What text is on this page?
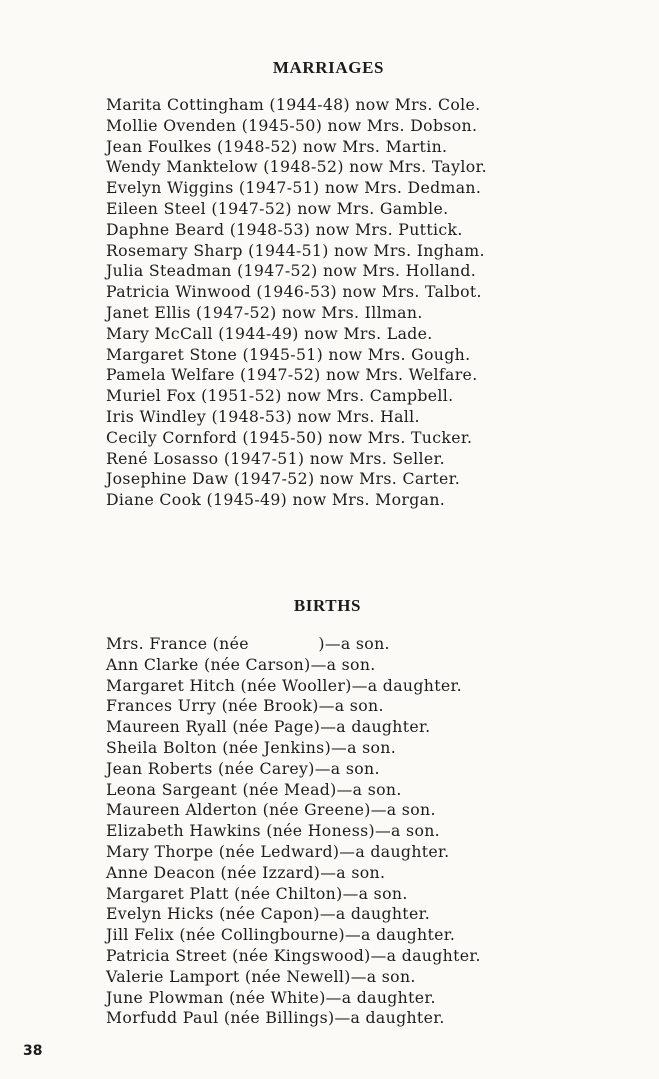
MARRIAGES
Marita Cottingham (1944-48) now Mrs. Cole.
Mollie Ovenden (1945-50) now Mrs. Dobson.
Jean Foulkes (1948-52) now Mrs. Martin.
Wendy Manktelow (1948-52) now Mrs. Taylor.
Evelyn Wiggins (1947-51) now Mrs. Dedman.
Eileen Steel (1947-52) now Mrs. Gamble.
Daphne Beard (1948-53) now Mrs. Puttick.
Rosemary Sharp (1944-51) now Mrs. Ingham.
Julia Steadman (1947-52) now Mrs. Holland.
Patricia Winwood (1946-53) now Mrs. Talbot.
Janet Ellis (1947-52) now Mrs. Illman.
Mary McCall (1944-49) now Mrs. Lade.
Margaret Stone (1945-51) now Mrs. Gough.
Pamela Welfare (1947-52) now Mrs. Welfare.
Muriel Fox (1951-52) now Mrs. Campbell.
Iris Windley (1948-53) now Mrs. Hall.
Cecily Cornford (1945-50) now Mrs. Tucker.
René Losasso (1947-51) now Mrs. Seller.
Josephine Daw (1947-52) now Mrs. Carter.
Diane Cook (1945-49) now Mrs. Morgan.
BIRTHS
Mrs. France (née     )—a son.
Ann Clarke (née Carson)—a son.
Margaret Hitch (née Wooller)—a daughter.
Frances Urry (née Brook)—a son.
Maureen Ryall (née Page)—a daughter.
Sheila Bolton (née Jenkins)—a son.
Jean Roberts (née Carey)—a son.
Leona Sargeant (née Mead)—a son.
Maureen Alderton (née Greene)—a son.
Elizabeth Hawkins (née Honess)—a son.
Mary Thorpe (née Ledward)—a daughter.
Anne Deacon (née Izzard)—a son.
Margaret Platt (née Chilton)—a son.
Evelyn Hicks (née Capon)—a daughter.
Jill Felix (née Collingbourne)—a daughter.
Patricia Street (née Kingswood)—a daughter.
Valerie Lamport (née Newell)—a son.
June Plowman (née White)—a daughter.
Morfudd Paul (née Billings)—a daughter.
38
